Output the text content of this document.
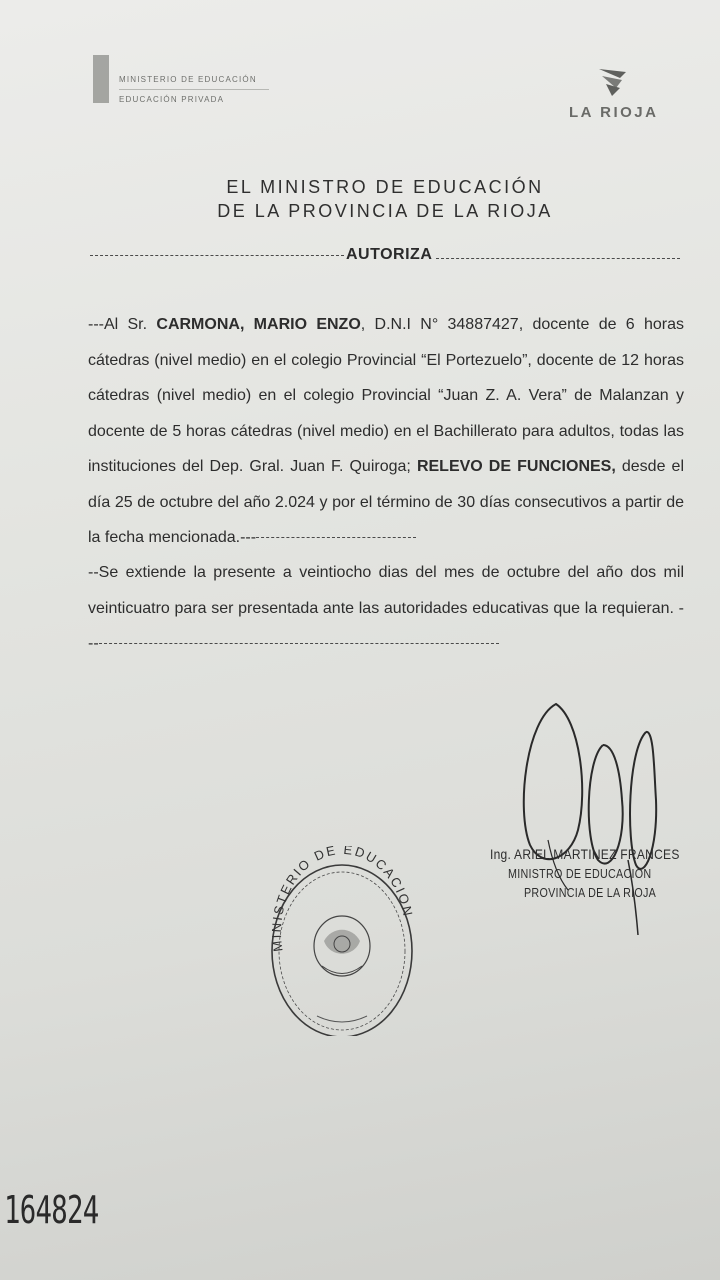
MINISTERIO DE EDUCACIÓN
EDUCACIÓN PRIVADA
LA RIOJA
EL MINISTRO DE EDUCACIÓN
DE LA PROVINCIA DE LA RIOJA
AUTORIZA
---Al Sr. CARMONA, MARIO ENZO, D.N.I N° 34887427, docente de 6 horas cátedras (nivel medio) en el colegio Provincial “El Portezuelo”, docente de 12 horas cátedras (nivel medio) en el colegio Provincial “Juan Z. A. Vera” de Malanzan y docente de 5 horas cátedras (nivel medio) en el Bachillerato para adultos, todas las instituciones del Dep. Gral. Juan F. Quiroga; RELEVO DE FUNCIONES, desde el día 25 de octubre del año 2.024 y por el término de 30 días consecutivos a partir de la fecha mencionada.---
--Se extiende la presente a veintiocho dias del mes de octubre del año dos mil veinticuatro para ser presentada ante las autoridades educativas que la requieran. ---
Ing. ARIEL MARTINEZ FRANCES
MINISTRO DE EDUCACION
PROVINCIA DE LA RIOJA
MINISTERIO DE EDUCACION
164824
